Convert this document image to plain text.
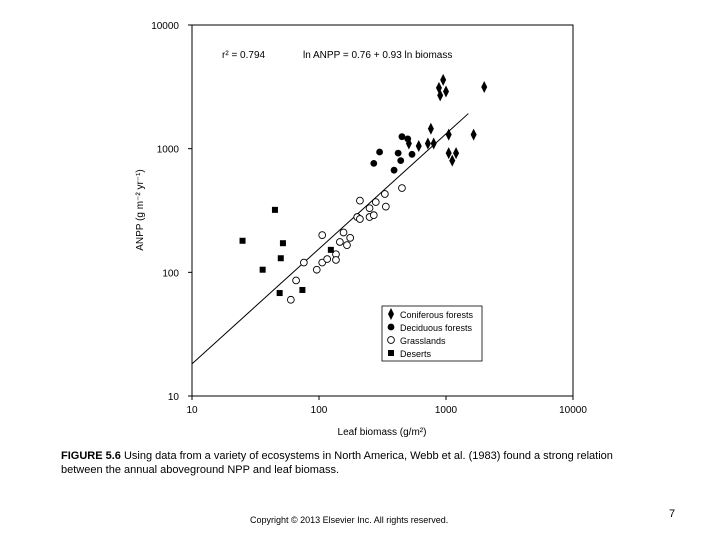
10	100	1000	10000
10
100
1000
10000
Leaf biomass (g/m²)
ANPP (g m⁻² yr⁻¹)
r² = 0.794	ln ANPP = 0.76 + 0.93 ln biomass
Coniferous forests
Deciduous forests
Grasslands
Deserts
FIGURE 5.6 Using data from a variety of ecosystems in North America, Webb et al. (1983) found a strong relation between the annual aboveground NPP and leaf biomass.
Copyright © 2013 Elsevier Inc. All rights reserved.	7
